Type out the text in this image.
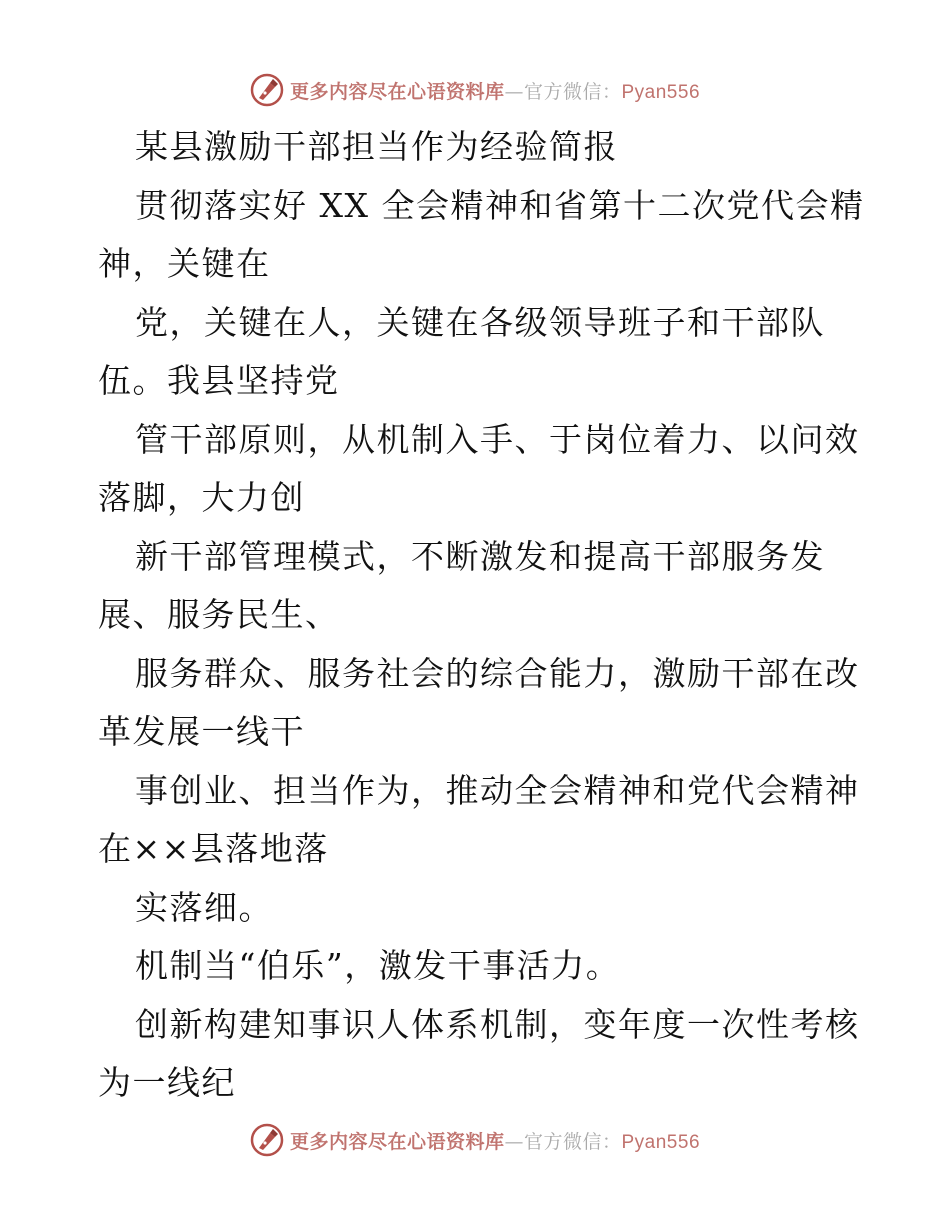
更多内容尽在心语资料库—官方微信：Pyan556
某县激励干部担当作为经验简报
贯彻落实好 XX 全会精神和省第十二次党代会精
神，关键在
党，关键在人，关键在各级领导班子和干部队
伍。我县坚持党
管干部原则，从机制入手、于岗位着力、以问效
落脚，大力创
新干部管理模式，不断激发和提高干部服务发
展、服务民生、
服务群众、服务社会的综合能力，激励干部在改
革发展一线干
事创业、担当作为，推动全会精神和党代会精神
在××县落地落
实落细。
机制当“伯乐”，激发干事活力。
创新构建知事识人体系机制，变年度一次性考核
为一线纪
更多内容尽在心语资料库—官方微信：Pyan556
